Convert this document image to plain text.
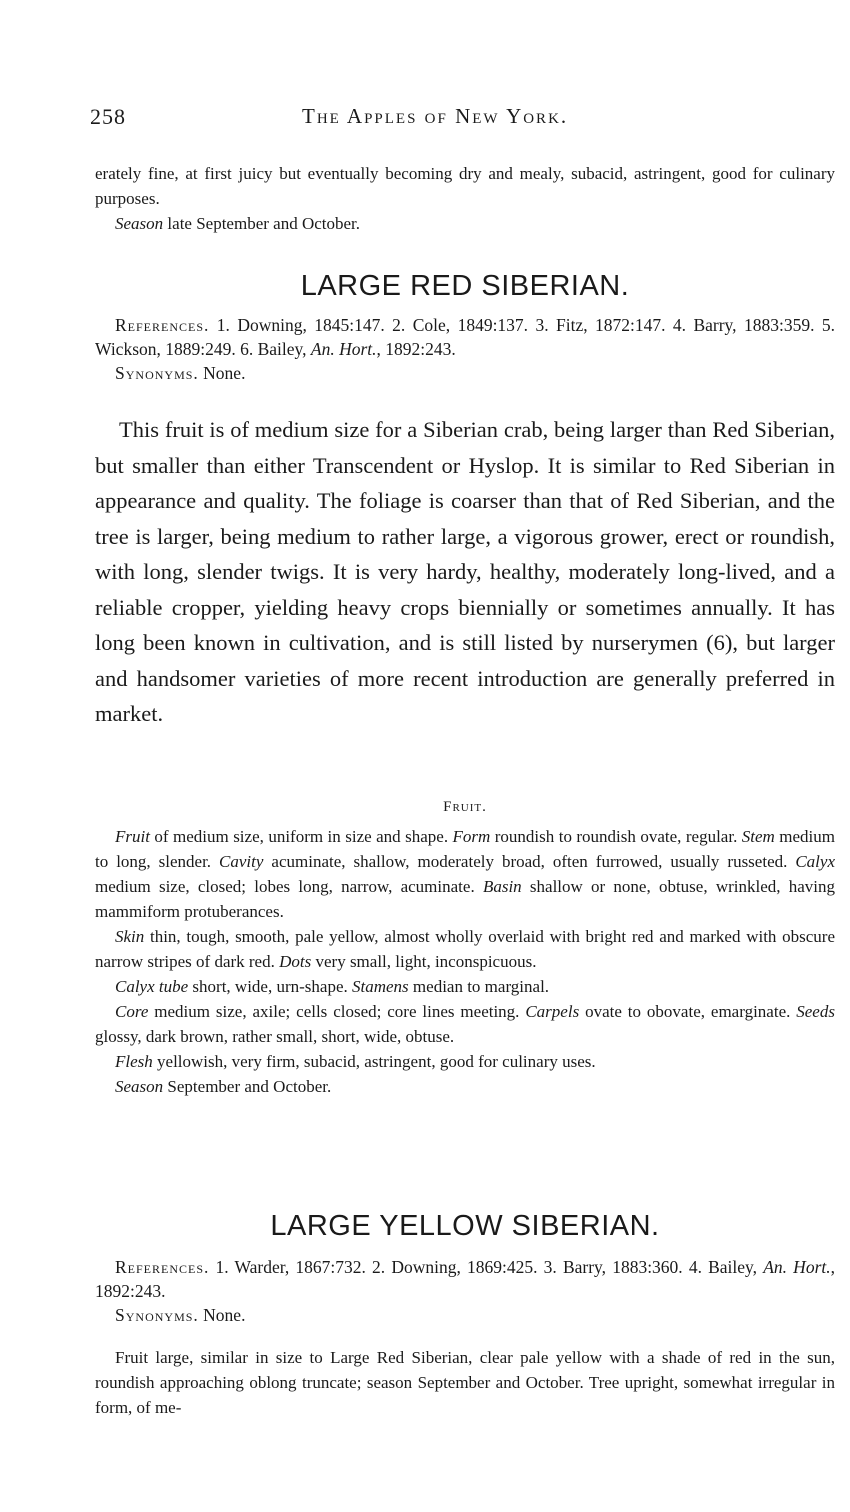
258	The Apples of New York.

erately fine, at first juicy but eventually becoming dry and mealy, subacid, astringent, good for culinary purposes.

Season late September and October.

LARGE RED SIBERIAN.

References. 1. Downing, 1845:147. 2. Cole, 1849:137. 3. Fitz, 1872:147. 4. Barry, 1883:359. 5. Wickson, 1889:249. 6. Bailey, An. Hort., 1892:243.

Synonyms. None.

This fruit is of medium size for a Siberian crab, being larger than Red Siberian, but smaller than either Transcendent or Hyslop. It is similar to Red Siberian in appearance and quality. The foliage is coarser than that of Red Siberian, and the tree is larger, being medium to rather large, a vigorous grower, erect or roundish, with long, slender twigs. It is very hardy, healthy, moderately long-lived, and a reliable cropper, yielding heavy crops biennially or sometimes annually. It has long been known in cultivation, and is still listed by nurserymen (6), but larger and handsomer varieties of more recent introduction are generally preferred in market.

Fruit.

Fruit of medium size, uniform in size and shape. Form roundish to roundish ovate, regular. Stem medium to long, slender. Cavity acuminate, shallow, moderately broad, often furrowed, usually russeted. Calyx medium size, closed; lobes long, narrow, acuminate. Basin shallow or none, obtuse, wrinkled, having mammiform protuberances.

Skin thin, tough, smooth, pale yellow, almost wholly overlaid with bright red and marked with obscure narrow stripes of dark red. Dots very small, light, inconspicuous.

Calyx tube short, wide, urn-shape. Stamens median to marginal.

Core medium size, axile; cells closed; core lines meeting. Carpels ovate to obovate, emarginate. Seeds glossy, dark brown, rather small, short, wide, obtuse.

Flesh yellowish, very firm, subacid, astringent, good for culinary uses.

Season September and October.

LARGE YELLOW SIBERIAN.

References. 1. Warder, 1867:732. 2. Downing, 1869:425. 3. Barry, 1883:360. 4. Bailey, An. Hort., 1892:243.

Synonyms. None.

Fruit large, similar in size to Large Red Siberian, clear pale yellow with a shade of red in the sun, roundish approaching oblong truncate; season September and October. Tree upright, somewhat irregular in form, of me-
